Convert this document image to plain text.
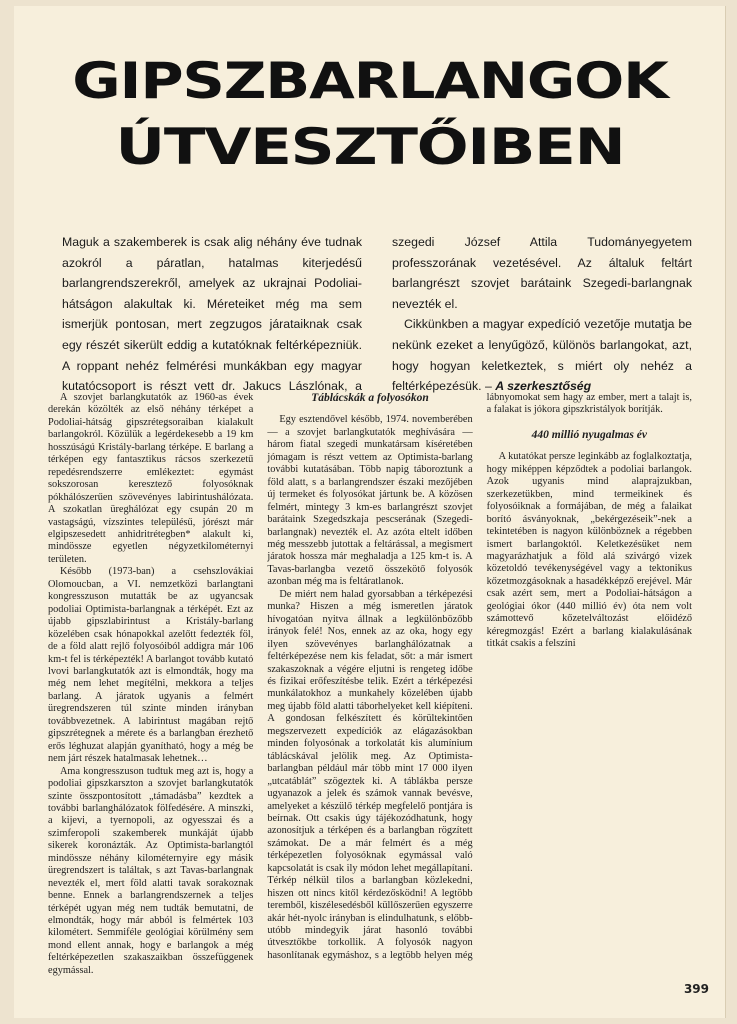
GIPSZBARLANGOK
ÚTVESZTŐIBEN

Maguk a szakemberek is csak alig néhány éve tudnak azokról a páratlan, hatalmas kiterjedésű barlangrendszerekről, amelyek az ukrajnai Podoliai-hátságon alakultak ki. Méreteiket még ma sem ismerjük pontosan, mert zegzugos járataiknak csak egy részét sikerült eddig a kutatóknak feltérképezniük. A roppant nehéz felmérési munkákban egy magyar kutatócsoport is részt vett dr. Jakucs Lászlónak, a szegedi József Attila Tudományegyetem professzorának vezetésével. Az általuk feltárt barlangrészt szovjet barátaink Szegedi-barlangnak nevezték el.

Cikkünkben a magyar expedíció vezetője mutatja be nekünk ezeket a lenyűgöző, különös barlangokat, azt, hogy hogyan keletkeztek, s miért oly nehéz a feltérképezésük. – A szerkesztőség

A szovjet barlangkutatók az 1960-as évek derekán közölték az első néhány térképet a Podoliai-hátság gipszrétegsoraiban kialakult barlangokról. Közülük a legérdekesebb a 19 km hosszúságú Kristály-barlang térképe. E barlang a térképen egy fantasztikus rácsos szerkezetű repedésrendszerre emlékeztet: egymást sokszorosan keresztező folyosóknak pókhálószerűen szövevényes labirintushálózata. A szokatlan üreghálózat egy csupán 20 m vastagságú, vízszintes településű, jórészt már elgipszesedett anhidritrétegben* alakult ki, mindössze egyetlen négyzetkilométernyi területen.

Később (1973-ban) a csehszlovákiai Olomoucban, a VI. nemzetközi barlangtani kongresszuson mutatták be az ugyancsak podoliai Optimista-barlangnak a térképét. Ezt az újabb gipszlabirintust a Kristály-barlang közelében csak hónapokkal azelőtt fedezték föl, de a föld alatt rejlő folyosóiból addigra már 106 km-t fel is térképezték! A barlangot tovább kutató lvovi barlangkutatók azt is elmondták, hogy ma még nem lehet megítélni, mekkora a teljes barlang. A járatok ugyanis a felmért üregrendszeren túl szinte minden irányban továbbvezetnek. A labirintust magában rejtő gipszrétegnek a mérete és a barlangban érezhető erős léghuzat alapján gyanítható, hogy a még be nem járt részek hatalmasak lehetnek…

Ama kongresszuson tudtuk meg azt is, hogy a podoliai gipszkarszton a szovjet barlangkutatók szinte összpontosított „támadásba” kezdtek a további barlanghálózatok fölfedésére. A minszki, a kijevi, a tyernopoli, az ogyesszai és a szimferopoli szakemberek munkáját újabb sikerek koronázták. Az Optimista-barlangtól mindössze néhány kilométernyire egy másik üregrendszert is találtak, s azt Tavas-barlangnak nevezték el, mert föld alatti tavak sorakoznak benne. Ennek a barlangrendszernek a teljes térképét ugyan még nem tudták bemutatni, de elmondták, hogy már abból is felmértek 103 kilométert. Semmiféle geológiai körülmény sem mond ellent annak, hogy e barlangok a még feltérképezetlen szakaszaikban összefüggenek egymással.

Táblácskák a folyosókon

Egy esztendővel később, 1974. novemberében — a szovjet barlangkutatók meghívására — három fiatal szegedi munkatársam kíséretében jómagam is részt vettem az Optimista-barlang további kutatásában. Több napig táboroztunk a föld alatt, s a barlangrendszer északi mezőjében új termeket és folyosókat jártunk be. A közösen felmért, mintegy 3 km-es barlangrészt szovjet barátaink Szegedszkaja pescserának (Szegedi-barlangnak) nevezték el. Az azóta eltelt időben még messzebb jutottak a feltárással, a megismert járatok hossza már meghaladja a 125 km-t is. A Tavas-barlangba vezető összekötő folyosók azonban még ma is feltáratlanok.

De miért nem halad gyorsabban a térképezési munka? Hiszen a még ismeretlen járatok hívogatóan nyitva állnak a legkülönbözőbb irányok felé! Nos, ennek az az oka, hogy egy ilyen szövevényes barlanghálózatnak a feltérképezése nem kis feladat, sőt: a már ismert szakaszoknak a végére eljutni is rengeteg időbe és fizikai erőfeszítésbe telik. Ezért a térképezési munkálatokhoz a munkahely közelében újabb meg újabb föld alatti táborhelyeket kell kiépíteni. A gondosan felkészített és körültekintően megszervezett expedíciók az elágazásokban minden folyosónak a torkolatát kis alumínium táblácskával jelölik meg. Az Optimista-barlangban például már több mint 17 000 ilyen „utcatáblát” szögeztek ki. A táblákba persze ugyanazok a jelek és számok vannak bevésve, amelyeket a készülő térkép megfelelő pontjára is beírnak. Ott csakis úgy tájékozódhatunk, hogy azonosítjuk a térképen és a barlangban rögzített számokat. De a már felmért és a még térképezetlen folyosóknak egymással való kapcsolatát is csak ily módon lehet megállapítani. Térkép nélkül tilos a barlangban közlekedni, hiszen ott nincs kitől kérdezősködni! A legtöbb teremből, kiszélesedésből küllőszerűen egyszerre akár hét-nyolc irányban is elindulhatunk, s előbb-utóbb mindegyik járat hasonló további útvesztőkbe torkollik. A folyosók nagyon hasonlítanak egymáshoz, s a legtöbb helyen még lábnyomokat sem hagy az ember, mert a talajt is, a falakat is jókora gipszkristályok borítják.

440 millió nyugalmas év

A kutatókat persze leginkább az foglalkoztatja, hogy miképpen képződtek a podoliai barlangok. Azok ugyanis mind alaprajzukban, szerkezetükben, mind termeikinek és folyosóiknak a formájában, de még a falaikat borító ásványoknak, „bekérgezéseik”-nek a tekintetében is nagyon különböznek a régebben ismert barlangoktól. Keletkezésüket nem magyarázhatjuk a föld alá szivárgó vizek közetoldó tevékenységével vagy a tektonikus kőzetmozgásoknak a hasadékképző erejével. Már csak azért sem, mert a Podoliai-hátságon a geológiai ókor (440 millió év) óta nem volt számottevő kőzetelváltozást előidéző kéregmozgás! Ezért a barlang kialakulásának titkát csakis a felszíni

399
